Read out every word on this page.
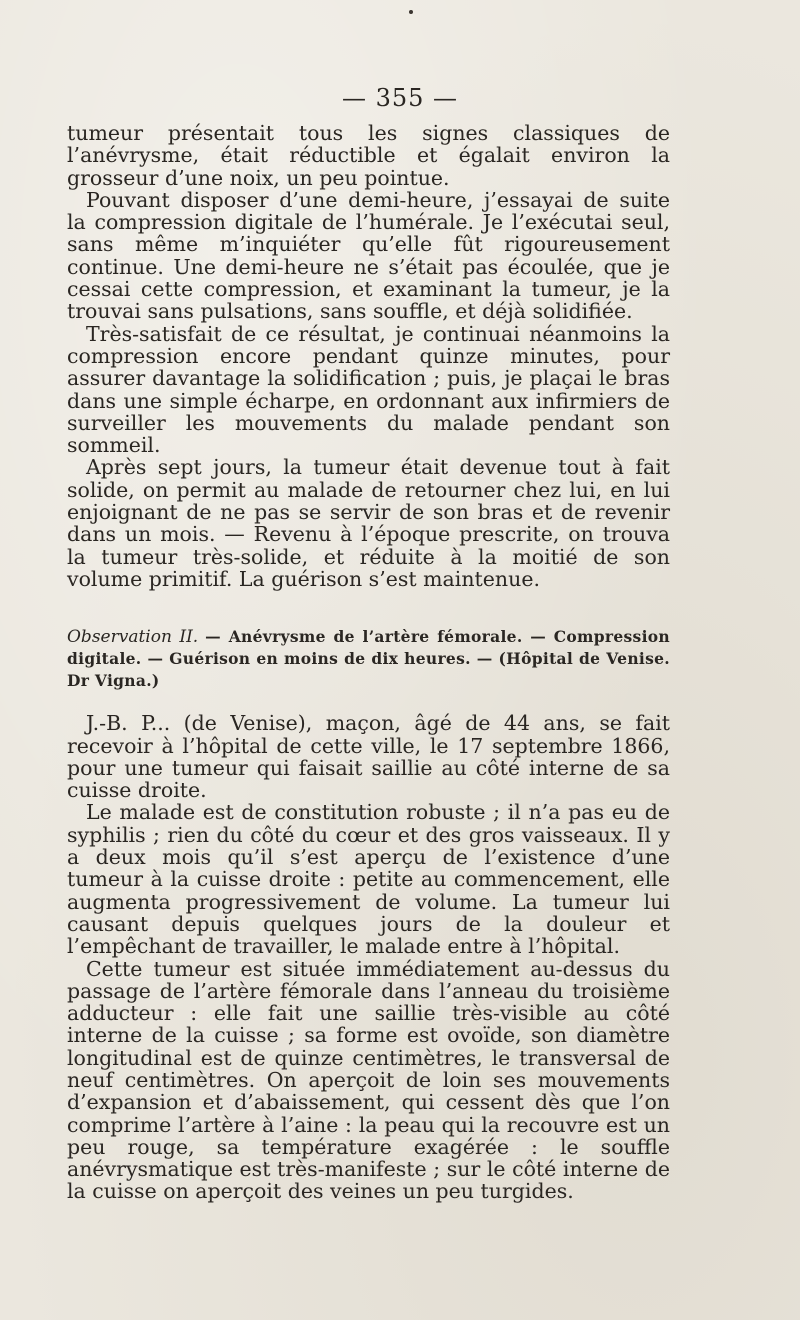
— 355 —

tumeur présentait tous les signes classiques de l’anévrysme, était réductible et égalait environ la grosseur d’une noix, un peu pointue.

Pouvant disposer d’une demi-heure, j’essayai de suite la compression digitale de l’humérale. Je l’exécutai seul, sans même m’inquiéter qu’elle fût rigoureusement continue. Une demi-heure ne s’était pas écoulée, que je cessai cette compression, et examinant la tumeur, je la trouvai sans pulsations, sans souffle, et déjà solidifiée.

Très-satisfait de ce résultat, je continuai néanmoins la compression encore pendant quinze minutes, pour assurer davantage la solidification ; puis, je plaçai le bras dans une simple écharpe, en ordonnant aux infirmiers de surveiller les mouvements du malade pendant son sommeil.

Après sept jours, la tumeur était devenue tout à fait solide, on permit au malade de retourner chez lui, en lui enjoignant de ne pas se servir de son bras et de revenir dans un mois. — Revenu à l’époque prescrite, on trouva la tumeur très-solide, et réduite à la moitié de son volume primitif. La guérison s’est maintenue.

Observation II. — Anévrysme de l’artère fémorale. — Compression digitale. — Guérison en moins de dix heures. — (Hôpital de Venise. Dr Vigna.)

J.-B. P... (de Venise), maçon, âgé de 44 ans, se fait recevoir à l’hôpital de cette ville, le 17 septembre 1866, pour une tumeur qui faisait saillie au côté interne de sa cuisse droite.

Le malade est de constitution robuste ; il n’a pas eu de syphilis ; rien du côté du cœur et des gros vaisseaux. Il y a deux mois qu’il s’est aperçu de l’existence d’une tumeur à la cuisse droite : petite au commencement, elle augmenta progressivement de volume. La tumeur lui causant depuis quelques jours de la douleur et l’empêchant de travailler, le malade entre à l’hôpital.

Cette tumeur est située immédiatement au-dessus du passage de l’artère fémorale dans l’anneau du troisième adducteur : elle fait une saillie très-visible au côté interne de la cuisse ; sa forme est ovoïde, son diamètre longitudinal est de quinze centimètres, le transversal de neuf centimètres. On aperçoit de loin ses mouvements d’expansion et d’abaissement, qui cessent dès que l’on comprime l’artère à l’aine : la peau qui la recouvre est un peu rouge, sa température exagérée : le souffle anévrysmatique est très-manifeste ; sur le côté interne de la cuisse on aperçoit des veines un peu turgides.
